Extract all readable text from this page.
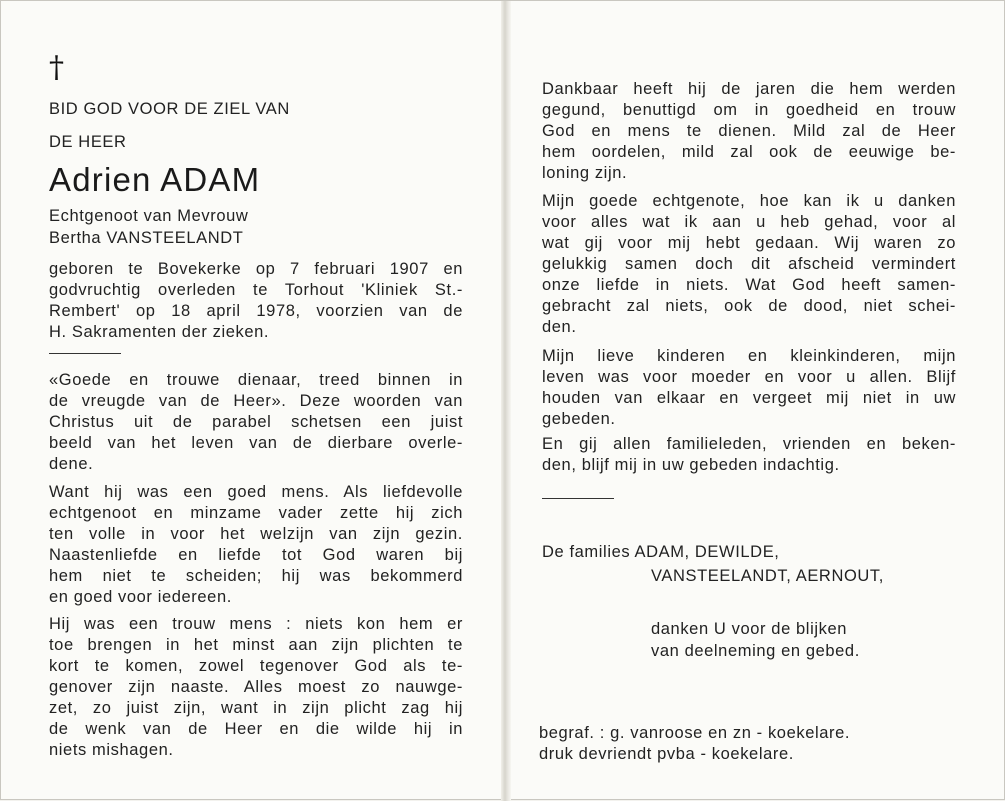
†
BID GOD VOOR DE ZIEL VAN
DE HEER
Adrien ADAM
Echtgenoot van Mevrouw
Bertha VANSTEELANDT
geboren te Bovekerke op 7 februari 1907 en
godvruchtig overleden te Torhout 'Kliniek St.-
Rembert' op 18 april 1978, voorzien van de
H. Sakramenten der zieken.
«Goede en trouwe dienaar, treed binnen in
de vreugde van de Heer». Deze woorden van
Christus uit de parabel schetsen een juist
beeld van het leven van de dierbare overle-
dene.
Want hij was een goed mens. Als liefdevolle
echtgenoot en minzame vader zette hij zich
ten volle in voor het welzijn van zijn gezin.
Naastenliefde en liefde tot God waren bij
hem niet te scheiden; hij was bekommerd
en goed voor iedereen.
Hij was een trouw mens : niets kon hem er
toe brengen in het minst aan zijn plichten te
kort te komen, zowel tegenover God als te-
genover zijn naaste. Alles moest zo nauwge-
zet, zo juist zijn, want in zijn plicht zag hij
de wenk van de Heer en die wilde hij in
niets mishagen.
Dankbaar heeft hij de jaren die hem werden
gegund, benuttigd om in goedheid en trouw
God en mens te dienen. Mild zal de Heer
hem oordelen, mild zal ook de eeuwige be-
loning zijn.
Mijn goede echtgenote, hoe kan ik u danken
voor alles wat ik aan u heb gehad, voor al
wat gij voor mij hebt gedaan. Wij waren zo
gelukkig samen doch dit afscheid vermindert
onze liefde in niets. Wat God heeft samen-
gebracht zal niets, ook de dood, niet schei-
den.
Mijn lieve kinderen en kleinkinderen, mijn
leven was voor moeder en voor u allen. Blijf
houden van elkaar en vergeet mij niet in uw
gebeden.
En gij allen familieleden, vrienden en beken-
den, blijf mij in uw gebeden indachtig.
De families ADAM, DEWILDE,
VANSTEELANDT, AERNOUT,
danken U voor de blijken
van deelneming en gebed.
begraf. : g. vanroose en zn - koekelare.
druk devriendt pvba - koekelare.
